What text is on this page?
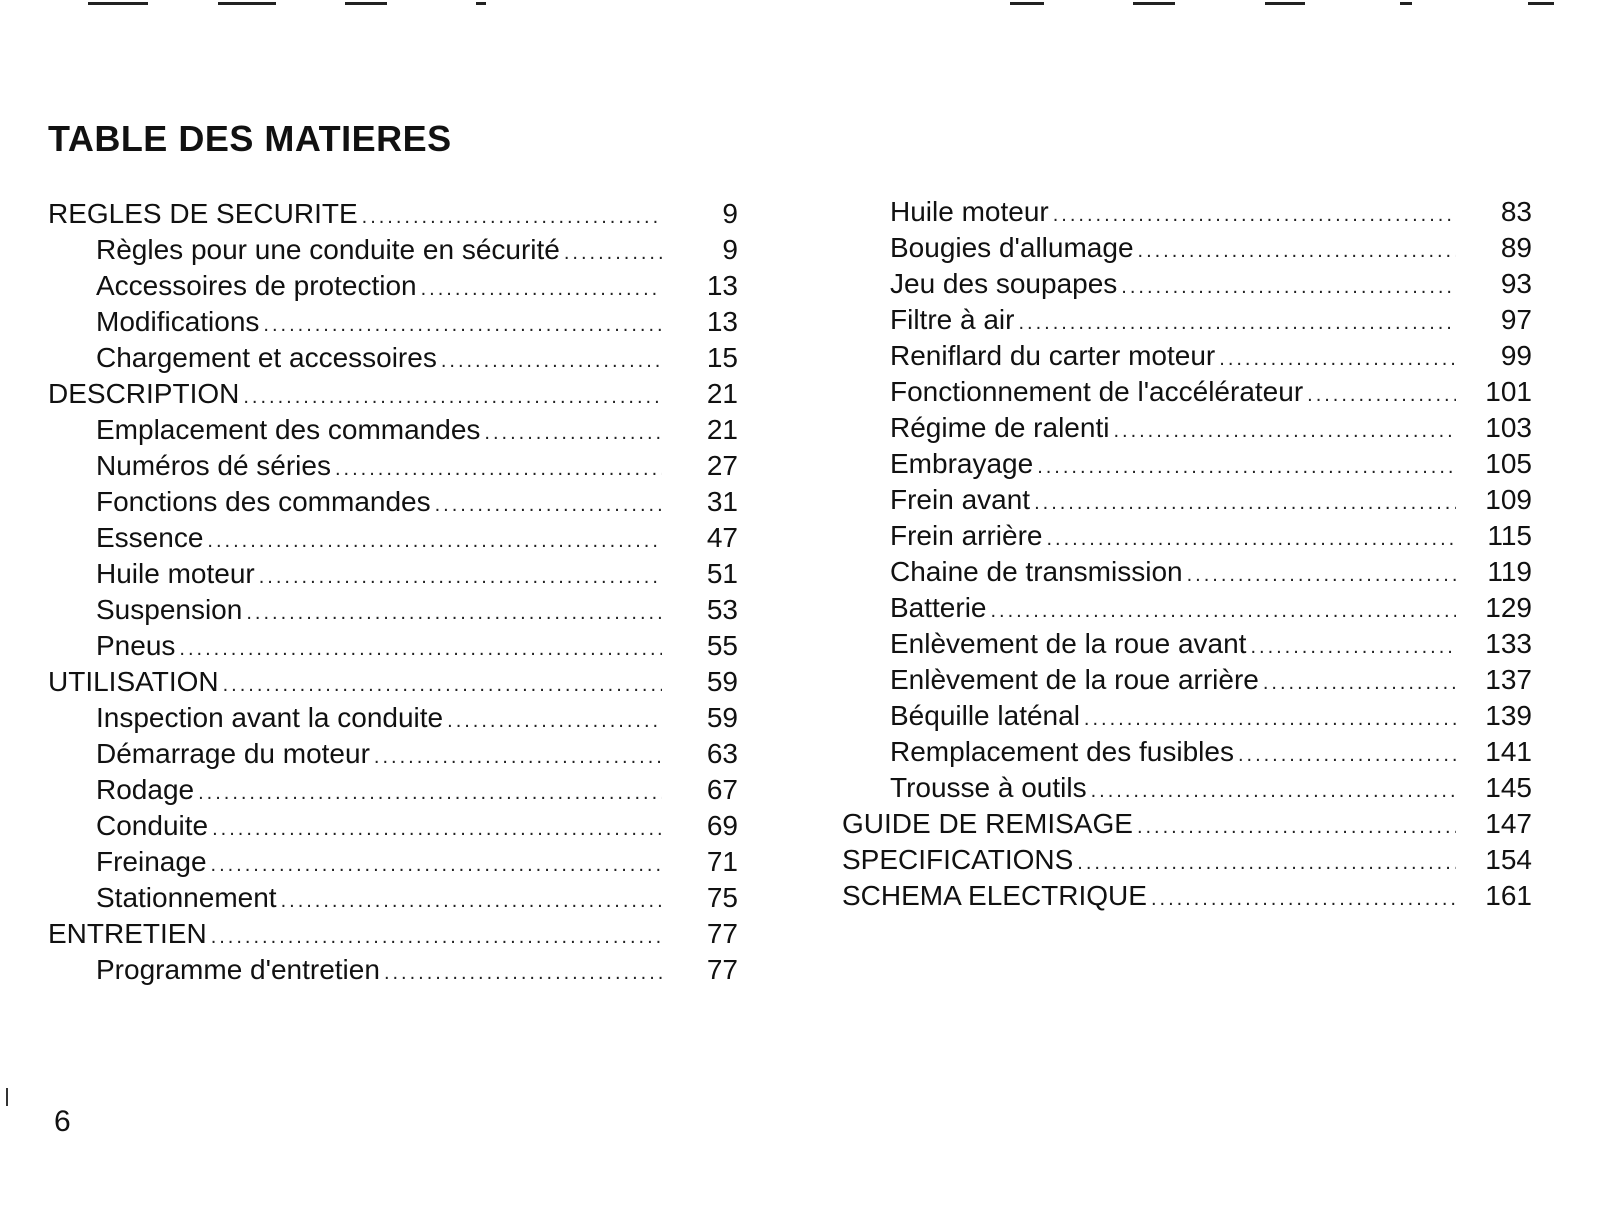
TABLE DES MATIERES
REGLES DE SECURITE .....	9
Règles pour une conduite en sécurité .....	9
Accessoires de protection .....	13
Modifications .....	13
Chargement et accessoires .....	15
DESCRIPTION .....	21
Emplacement des commandes .....	21
Numéros dé séries .....	27
Fonctions des commandes .....	31
Essence .....	47
Huile moteur .....	51
Suspension .....	53
Pneus .....	55
UTILISATION .....	59
Inspection avant la conduite .....	59
Démarrage du moteur .....	63
Rodage .....	67
Conduite .....	69
Freinage .....	71
Stationnement .....	75
ENTRETIEN .....	77
Programme d'entretien .....	77
Huile moteur .....	83
Bougies d'allumage .....	89
Jeu des soupapes .....	93
Filtre à air .....	97
Reniflard du carter moteur .....	99
Fonctionnement de l'accélérateur .....	101
Régime de ralenti .....	103
Embrayage .....	105
Frein avant .....	109
Frein arrière .....	115
Chaine de transmission .....	119
Batterie .....	129
Enlèvement de la roue avant .....	133
Enlèvement de la roue arrière .....	137
Béquille laténal .....	139
Remplacement des fusibles .....	141
Trousse à outils .....	145
GUIDE DE REMISAGE .....	147
SPECIFICATIONS .....	154
SCHEMA ELECTRIQUE .....	161

6
